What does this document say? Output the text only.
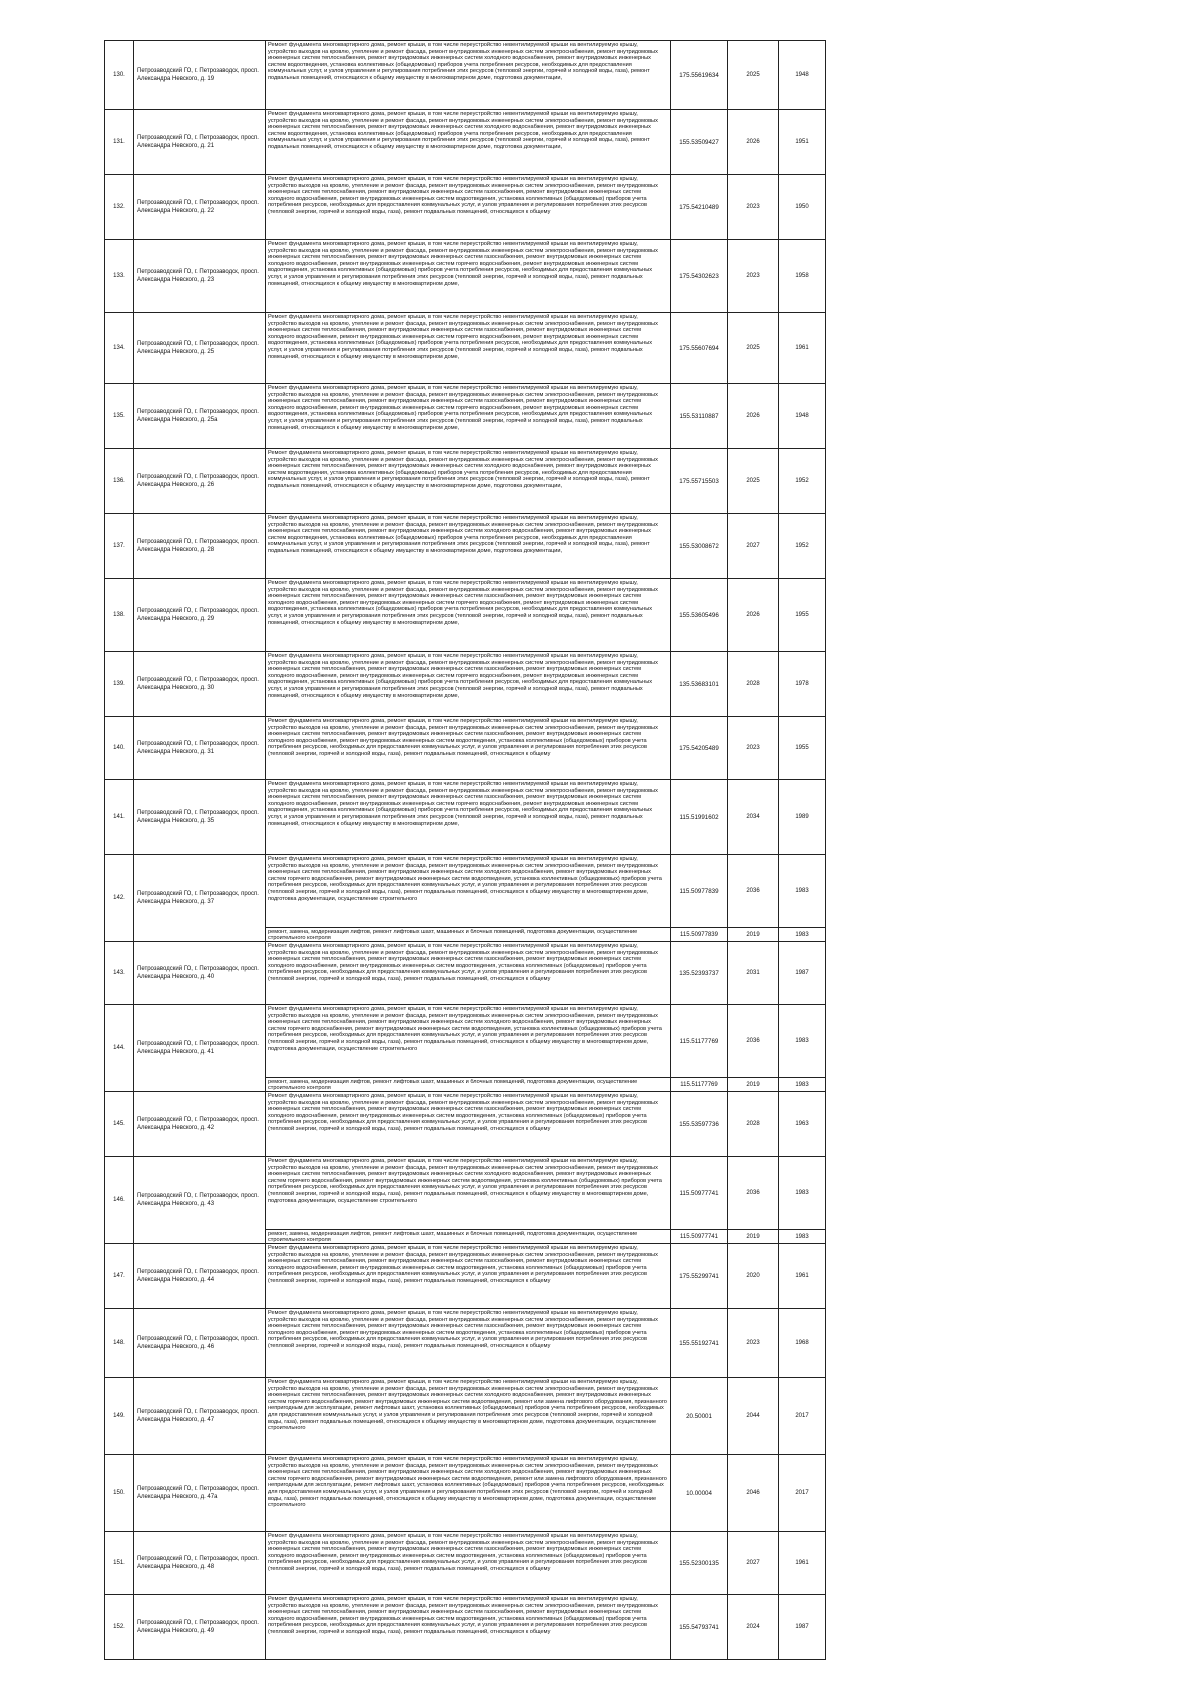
130.	Петрозаводский ГО, г. Петрозаводск, просп. Александра Невского, д. 19	Ремонт фундамента многоквартирного дома, ремонт крыши, в том числе переустройство невентилируемой крыши на вентилируемую крышу, устройство выходов на кровлю, утепление и ремонт фасада, ремонт внутридомовых инженерных систем электроснабжения, ремонт внутридомовых инженерных систем теплоснабжения, ремонт внутридомовых инженерных систем холодного водоснабжения, ремонт внутридомовых инженерных систем водоотведения, установка коллективных (общедомовых) приборов учета потребления ресурсов, необходимых для предоставления коммунальных услуг, и узлов управления и регулирования потребления этих ресурсов (тепловой энергии, горячей и холодной воды, газа), ремонт подвальных помещений, относящихся к общему имуществу в многоквартирном доме, подготовка документации,	175.55619634	2025	1948
131.	Петрозаводский ГО, г. Петрозаводск, просп. Александра Невского, д. 21	Ремонт фундамента многоквартирного дома, ремонт крыши, в том числе переустройство невентилируемой крыши на вентилируемую крышу, устройство выходов на кровлю, утепление и ремонт фасада, ремонт внутридомовых инженерных систем электроснабжения, ремонт внутридомовых инженерных систем теплоснабжения, ремонт внутридомовых инженерных систем холодного водоснабжения, ремонт внутридомовых инженерных систем водоотведения, установка коллективных (общедомовых) приборов учета потребления ресурсов, необходимых для предоставления коммунальных услуг, и узлов управления и регулирования потребления этих ресурсов (тепловой энергии, горячей и холодной воды, газа), ремонт подвальных помещений, относящихся к общему имуществу в многоквартирном доме, подготовка документации,	155.53509427	2026	1951
132.	Петрозаводский ГО, г. Петрозаводск, просп. Александра Невского, д. 22	Ремонт фундамента многоквартирного дома, ремонт крыши, в том числе переустройство невентилируемой крыши на вентилируемую крышу, устройство выходов на кровлю, утепление и ремонт фасада, ремонт внутридомовых инженерных систем электроснабжения, ремонт внутридомовых инженерных систем теплоснабжения, ремонт внутридомовых инженерных систем газоснабжения, ремонт внутридомовых инженерных систем холодного водоснабжения, ремонт внутридомовых инженерных систем водоотведения, установка коллективных (общедомовых) приборов учета потребления ресурсов, необходимых для предоставления коммунальных услуг, и узлов управления и регулирования потребления этих ресурсов (тепловой энергии, горячей и холодной воды, газа), ремонт подвальных помещений, относящихся к общему	175.54210489	2023	1950
133.	Петрозаводский ГО, г. Петрозаводск, просп. Александра Невского, д. 23	Ремонт фундамента многоквартирного дома, ремонт крыши, в том числе переустройство невентилируемой крыши на вентилируемую крышу, устройство выходов на кровлю, утепление и ремонт фасада, ремонт внутридомовых инженерных систем электроснабжения, ремонт внутридомовых инженерных систем теплоснабжения, ремонт внутридомовых инженерных систем газоснабжения, ремонт внутридомовых инженерных систем холодного водоснабжения, ремонт внутридомовых инженерных систем горячего водоснабжения, ремонт внутридомовых инженерных систем водоотведения, установка коллективных (общедомовых) приборов учета потребления ресурсов, необходимых для предоставления коммунальных услуг, и узлов управления и регулирования потребления этих ресурсов (тепловой энергии, горячей и холодной воды, газа), ремонт подвальных помещений, относящихся к общему имуществу в многоквартирном доме,	175.54302623	2023	1958
134.	Петрозаводский ГО, г. Петрозаводск, просп. Александра Невского, д. 25	Ремонт фундамента многоквартирного дома, ремонт крыши, в том числе переустройство невентилируемой крыши на вентилируемую крышу, устройство выходов на кровлю, утепление и ремонт фасада, ремонт внутридомовых инженерных систем электроснабжения, ремонт внутридомовых инженерных систем теплоснабжения, ремонт внутридомовых инженерных систем газоснабжения, ремонт внутридомовых инженерных систем холодного водоснабжения, ремонт внутридомовых инженерных систем горячего водоснабжения, ремонт внутридомовых инженерных систем водоотведения, установка коллективных (общедомовых) приборов учета потребления ресурсов, необходимых для предоставления коммунальных услуг, и узлов управления и регулирования потребления этих ресурсов (тепловой энергии, горячей и холодной воды, газа), ремонт подвальных помещений, относящихся к общему имуществу в многоквартирном доме,	175.55607694	2025	1961
135.	Петрозаводский ГО, г. Петрозаводск, просп. Александра Невского, д. 25а	Ремонт фундамента многоквартирного дома, ремонт крыши, в том числе переустройство невентилируемой крыши на вентилируемую крышу, устройство выходов на кровлю, утепление и ремонт фасада, ремонт внутридомовых инженерных систем электроснабжения, ремонт внутридомовых инженерных систем теплоснабжения, ремонт внутридомовых инженерных систем газоснабжения, ремонт внутридомовых инженерных систем холодного водоснабжения, ремонт внутридомовых инженерных систем горячего водоснабжения, ремонт внутридомовых инженерных систем водоотведения, установка коллективных (общедомовых) приборов учета потребления ресурсов, необходимых для предоставления коммунальных услуг, и узлов управления и регулирования потребления этих ресурсов (тепловой энергии, горячей и холодной воды, газа), ремонт подвальных помещений, относящихся к общему имуществу в многоквартирном доме,	155.53110887	2026	1948
136.	Петрозаводский ГО, г. Петрозаводск, просп. Александра Невского, д. 26	Ремонт фундамента многоквартирного дома, ремонт крыши, в том числе переустройство невентилируемой крыши на вентилируемую крышу, устройство выходов на кровлю, утепление и ремонт фасада, ремонт внутридомовых инженерных систем электроснабжения, ремонт внутридомовых инженерных систем теплоснабжения, ремонт внутридомовых инженерных систем холодного водоснабжения, ремонт внутридомовых инженерных систем водоотведения, установка коллективных (общедомовых) приборов учета потребления ресурсов, необходимых для предоставления коммунальных услуг, и узлов управления и регулирования потребления этих ресурсов (тепловой энергии, горячей и холодной воды, газа), ремонт подвальных помещений, относящихся к общему имуществу в многоквартирном доме, подготовка документации,	175.55715503	2025	1952
137.	Петрозаводский ГО, г. Петрозаводск, просп. Александра Невского, д. 28	Ремонт фундамента многоквартирного дома, ремонт крыши, в том числе переустройство невентилируемой крыши на вентилируемую крышу, устройство выходов на кровлю, утепление и ремонт фасада, ремонт внутридомовых инженерных систем электроснабжения, ремонт внутридомовых инженерных систем теплоснабжения, ремонт внутридомовых инженерных систем холодного водоснабжения, ремонт внутридомовых инженерных систем водоотведения, установка коллективных (общедомовых) приборов учета потребления ресурсов, необходимых для предоставления коммунальных услуг, и узлов управления и регулирования потребления этих ресурсов (тепловой энергии, горячей и холодной воды, газа), ремонт подвальных помещений, относящихся к общему имуществу в многоквартирном доме, подготовка документации,	155.53008672	2027	1952
138.	Петрозаводский ГО, г. Петрозаводск, просп. Александра Невского, д. 29	Ремонт фундамента многоквартирного дома, ремонт крыши, в том числе переустройство невентилируемой крыши на вентилируемую крышу, устройство выходов на кровлю, утепление и ремонт фасада, ремонт внутридомовых инженерных систем электроснабжения, ремонт внутридомовых инженерных систем теплоснабжения, ремонт внутридомовых инженерных систем газоснабжения, ремонт внутридомовых инженерных систем холодного водоснабжения, ремонт внутридомовых инженерных систем горячего водоснабжения, ремонт внутридомовых инженерных систем водоотведения, установка коллективных (общедомовых) приборов учета потребления ресурсов, необходимых для предоставления коммунальных услуг, и узлов управления и регулирования потребления этих ресурсов (тепловой энергии, горячей и холодной воды, газа), ремонт подвальных помещений, относящихся к общему имуществу в многоквартирном доме,	155.53605496	2026	1955
139.	Петрозаводский ГО, г. Петрозаводск, просп. Александра Невского, д. 30	Ремонт фундамента многоквартирного дома, ремонт крыши, в том числе переустройство невентилируемой крыши на вентилируемую крышу, устройство выходов на кровлю, утепление и ремонт фасада, ремонт внутридомовых инженерных систем электроснабжения, ремонт внутридомовых инженерных систем теплоснабжения, ремонт внутридомовых инженерных систем газоснабжения, ремонт внутридомовых инженерных систем холодного водоснабжения, ремонт внутридомовых инженерных систем горячего водоснабжения, ремонт внутридомовых инженерных систем водоотведения, установка коллективных (общедомовых) приборов учета потребления ресурсов, необходимых для предоставления коммунальных услуг, и узлов управления и регулирования потребления этих ресурсов (тепловой энергии, горячей и холодной воды, газа), ремонт подвальных помещений, относящихся к общему имуществу в многоквартирном доме,	135.53683101	2028	1978
140.	Петрозаводский ГО, г. Петрозаводск, просп. Александра Невского, д. 31	Ремонт фундамента многоквартирного дома, ремонт крыши, в том числе переустройство невентилируемой крыши на вентилируемую крышу, устройство выходов на кровлю, утепление и ремонт фасада, ремонт внутридомовых инженерных систем электроснабжения, ремонт внутридомовых инженерных систем теплоснабжения, ремонт внутридомовых инженерных систем газоснабжения, ремонт внутридомовых инженерных систем холодного водоснабжения, ремонт внутридомовых инженерных систем водоотведения, установка коллективных (общедомовых) приборов учета потребления ресурсов, необходимых для предоставления коммунальных услуг, и узлов управления и регулирования потребления этих ресурсов (тепловой энергии, горячей и холодной воды, газа), ремонт подвальных помещений, относящихся к общему	175.54205489	2023	1955
141.	Петрозаводский ГО, г. Петрозаводск, просп. Александра Невского, д. 35	Ремонт фундамента многоквартирного дома, ремонт крыши, в том числе переустройство невентилируемой крыши на вентилируемую крышу, устройство выходов на кровлю, утепление и ремонт фасада, ремонт внутридомовых инженерных систем электроснабжения, ремонт внутридомовых инженерных систем теплоснабжения, ремонт внутридомовых инженерных систем газоснабжения, ремонт внутридомовых инженерных систем холодного водоснабжения, ремонт внутридомовых инженерных систем горячего водоснабжения, ремонт внутридомовых инженерных систем водоотведения, установка коллективных (общедомовых) приборов учета потребления ресурсов, необходимых для предоставления коммунальных услуг, и узлов управления и регулирования потребления этих ресурсов (тепловой энергии, горячей и холодной воды, газа), ремонт подвальных помещений, относящихся к общему имуществу в многоквартирном доме,	115.51991602	2034	1989
142.	Петрозаводский ГО, г. Петрозаводск, просп. Александра Невского, д. 37	Ремонт фундамента многоквартирного дома, ремонт крыши, в том числе переустройство невентилируемой крыши на вентилируемую крышу, устройство выходов на кровлю, утепление и ремонт фасада, ремонт внутридомовых инженерных систем электроснабжения, ремонт внутридомовых инженерных систем теплоснабжения, ремонт внутридомовых инженерных систем холодного водоснабжения, ремонт внутридомовых инженерных систем горячего водоснабжения, ремонт внутридомовых инженерных систем водоотведения, установка коллективных (общедомовых) приборов учета потребления ресурсов, необходимых для предоставления коммунальных услуг, и узлов управления и регулирования потребления этих ресурсов (тепловой энергии, горячей и холодной воды, газа), ремонт подвальных помещений, относящихся к общему имуществу в многоквартирном доме, подготовка документации, осуществление строительного	115.50977839	2036	1983

		ремонт, замена, модернизация лифтов, ремонт лифтовых шахт, машинных и блочных помещений, подготовка документации, осуществление строительного контроля	115.50977839	2019	1983
143.	Петрозаводский ГО, г. Петрозаводск, просп. Александра Невского, д. 40	Ремонт фундамента многоквартирного дома, ремонт крыши, в том числе переустройство невентилируемой крыши на вентилируемую крышу, устройство выходов на кровлю, утепление и ремонт фасада, ремонт внутридомовых инженерных систем электроснабжения, ремонт внутридомовых инженерных систем теплоснабжения, ремонт внутридомовых инженерных систем газоснабжения, ремонт внутридомовых инженерных систем холодного водоснабжения, ремонт внутридомовых инженерных систем водоотведения, установка коллективных (общедомовых) приборов учета потребления ресурсов, необходимых для предоставления коммунальных услуг, и узлов управления и регулирования потребления этих ресурсов (тепловой энергии, горячей и холодной воды, газа), ремонт подвальных помещений, относящихся к общему	135.52393737	2031	1987
144.	Петрозаводский ГО, г. Петрозаводск, просп. Александра Невского, д. 41	Ремонт фундамента многоквартирного дома, ремонт крыши, в том числе переустройство невентилируемой крыши на вентилируемую крышу, устройство выходов на кровлю, утепление и ремонт фасада, ремонт внутридомовых инженерных систем электроснабжения, ремонт внутридомовых инженерных систем теплоснабжения, ремонт внутридомовых инженерных систем холодного водоснабжения, ремонт внутридомовых инженерных систем горячего водоснабжения, ремонт внутридомовых инженерных систем водоотведения, установка коллективных (общедомовых) приборов учета потребления ресурсов, необходимых для предоставления коммунальных услуг, и узлов управления и регулирования потребления этих ресурсов (тепловой энергии, горячей и холодной воды, газа), ремонт подвальных помещений, относящихся к общему имуществу в многоквартирном доме, подготовка документации, осуществление строительного	115.51177769	2036	1983

		ремонт, замена, модернизация лифтов, ремонт лифтовых шахт, машинных и блочных помещений, подготовка документации, осуществление строительного контроля	115.51177769	2019	1983
145.	Петрозаводский ГО, г. Петрозаводск, просп. Александра Невского, д. 42	Ремонт фундамента многоквартирного дома, ремонт крыши, в том числе переустройство невентилируемой крыши на вентилируемую крышу, устройство выходов на кровлю, утепление и ремонт фасада, ремонт внутридомовых инженерных систем электроснабжения, ремонт внутридомовых инженерных систем теплоснабжения, ремонт внутридомовых инженерных систем газоснабжения, ремонт внутридомовых инженерных систем холодного водоснабжения, ремонт внутридомовых инженерных систем водоотведения, установка коллективных (общедомовых) приборов учета потребления ресурсов, необходимых для предоставления коммунальных услуг, и узлов управления и регулирования потребления этих ресурсов (тепловой энергии, горячей и холодной воды, газа), ремонт подвальных помещений, относящихся к общему	155.53597736	2028	1963
146.	Петрозаводский ГО, г. Петрозаводск, просп. Александра Невского, д. 43	Ремонт фундамента многоквартирного дома, ремонт крыши, в том числе переустройство невентилируемой крыши на вентилируемую крышу, устройство выходов на кровлю, утепление и ремонт фасада, ремонт внутридомовых инженерных систем электроснабжения, ремонт внутридомовых инженерных систем теплоснабжения, ремонт внутридомовых инженерных систем холодного водоснабжения, ремонт внутридомовых инженерных систем горячего водоснабжения, ремонт внутридомовых инженерных систем водоотведения, установка коллективных (общедомовых) приборов учета потребления ресурсов, необходимых для предоставления коммунальных услуг, и узлов управления и регулирования потребления этих ресурсов (тепловой энергии, горячей и холодной воды, газа), ремонт подвальных помещений, относящихся к общему имуществу в многоквартирном доме, подготовка документации, осуществление строительного	115.50977741	2036	1983

		ремонт, замена, модернизация лифтов, ремонт лифтовых шахт, машинных и блочных помещений, подготовка документации, осуществление строительного контроля	115.50977741	2019	1983
147.	Петрозаводский ГО, г. Петрозаводск, просп. Александра Невского, д. 44	Ремонт фундамента многоквартирного дома, ремонт крыши, в том числе переустройство невентилируемой крыши на вентилируемую крышу, устройство выходов на кровлю, утепление и ремонт фасада, ремонт внутридомовых инженерных систем электроснабжения, ремонт внутридомовых инженерных систем теплоснабжения, ремонт внутридомовых инженерных систем газоснабжения, ремонт внутридомовых инженерных систем холодного водоснабжения, ремонт внутридомовых инженерных систем водоотведения, установка коллективных (общедомовых) приборов учета потребления ресурсов, необходимых для предоставления коммунальных услуг, и узлов управления и регулирования потребления этих ресурсов (тепловой энергии, горячей и холодной воды, газа), ремонт подвальных помещений, относящихся к общему	175.55299741	2020	1961
148.	Петрозаводский ГО, г. Петрозаводск, просп. Александра Невского, д. 46	Ремонт фундамента многоквартирного дома, ремонт крыши, в том числе переустройство невентилируемой крыши на вентилируемую крышу, устройство выходов на кровлю, утепление и ремонт фасада, ремонт внутридомовых инженерных систем электроснабжения, ремонт внутридомовых инженерных систем теплоснабжения, ремонт внутридомовых инженерных систем газоснабжения, ремонт внутридомовых инженерных систем холодного водоснабжения, ремонт внутридомовых инженерных систем водоотведения, установка коллективных (общедомовых) приборов учета потребления ресурсов, необходимых для предоставления коммунальных услуг, и узлов управления и регулирования потребления этих ресурсов (тепловой энергии, горячей и холодной воды, газа), ремонт подвальных помещений, относящихся к общему	155.55192741	2023	1968
149.	Петрозаводский ГО, г. Петрозаводск, просп. Александра Невского, д. 47	Ремонт фундамента многоквартирного дома, ремонт крыши, в том числе переустройство невентилируемой крыши на вентилируемую крышу, устройство выходов на кровлю, утепление и ремонт фасада, ремонт внутридомовых инженерных систем электроснабжения, ремонт внутридомовых инженерных систем теплоснабжения, ремонт внутридомовых инженерных систем холодного водоснабжения, ремонт внутридомовых инженерных систем горячего водоснабжения, ремонт внутридомовых инженерных систем водоотведения, ремонт или замена лифтового оборудования, признанного непригодным для эксплуатации, ремонт лифтовых шахт, установка коллективных (общедомовых) приборов учета потребления ресурсов, необходимых для предоставления коммунальных услуг, и узлов управления и регулирования потребления этих ресурсов (тепловой энергии, горячей и холодной воды, газа), ремонт подвальных помещений, относящихся к общему имуществу в многоквартирном доме, подготовка документации, осуществление строительного	20.50001	2044	2017
150.	Петрозаводский ГО, г. Петрозаводск, просп. Александра Невского, д. 47а	Ремонт фундамента многоквартирного дома, ремонт крыши, в том числе переустройство невентилируемой крыши на вентилируемую крышу, устройство выходов на кровлю, утепление и ремонт фасада, ремонт внутридомовых инженерных систем электроснабжения, ремонт внутридомовых инженерных систем теплоснабжения, ремонт внутридомовых инженерных систем холодного водоснабжения, ремонт внутридомовых инженерных систем горячего водоснабжения, ремонт внутридомовых инженерных систем водоотведения, ремонт или замена лифтового оборудования, признанного непригодным для эксплуатации, ремонт лифтовых шахт, установка коллективных (общедомовых) приборов учета потребления ресурсов, необходимых для предоставления коммунальных услуг, и узлов управления и регулирования потребления этих ресурсов (тепловой энергии, горячей и холодной воды, газа), ремонт подвальных помещений, относящихся к общему имуществу в многоквартирном доме, подготовка документации, осуществление строительного	10.00004	2046	2017
151.	Петрозаводский ГО, г. Петрозаводск, просп. Александра Невского, д. 48	Ремонт фундамента многоквартирного дома, ремонт крыши, в том числе переустройство невентилируемой крыши на вентилируемую крышу, устройство выходов на кровлю, утепление и ремонт фасада, ремонт внутридомовых инженерных систем электроснабжения, ремонт внутридомовых инженерных систем теплоснабжения, ремонт внутридомовых инженерных систем газоснабжения, ремонт внутридомовых инженерных систем холодного водоснабжения, ремонт внутридомовых инженерных систем водоотведения, установка коллективных (общедомовых) приборов учета потребления ресурсов, необходимых для предоставления коммунальных услуг, и узлов управления и регулирования потребления этих ресурсов (тепловой энергии, горячей и холодной воды, газа), ремонт подвальных помещений, относящихся к общему	155.52300135	2027	1961
152.	Петрозаводский ГО, г. Петрозаводск, просп. Александра Невского, д. 49	Ремонт фундамента многоквартирного дома, ремонт крыши, в том числе переустройство невентилируемой крыши на вентилируемую крышу, устройство выходов на кровлю, утепление и ремонт фасада, ремонт внутридомовых инженерных систем электроснабжения, ремонт внутридомовых инженерных систем теплоснабжения, ремонт внутридомовых инженерных систем газоснабжения, ремонт внутридомовых инженерных систем холодного водоснабжения, ремонт внутридомовых инженерных систем водоотведения, установка коллективных (общедомовых) приборов учета потребления ресурсов, необходимых для предоставления коммунальных услуг, и узлов управления и регулирования потребления этих ресурсов (тепловой энергии, горячей и холодной воды, газа), ремонт подвальных помещений, относящихся к общему	155.54793741	2024	1987
